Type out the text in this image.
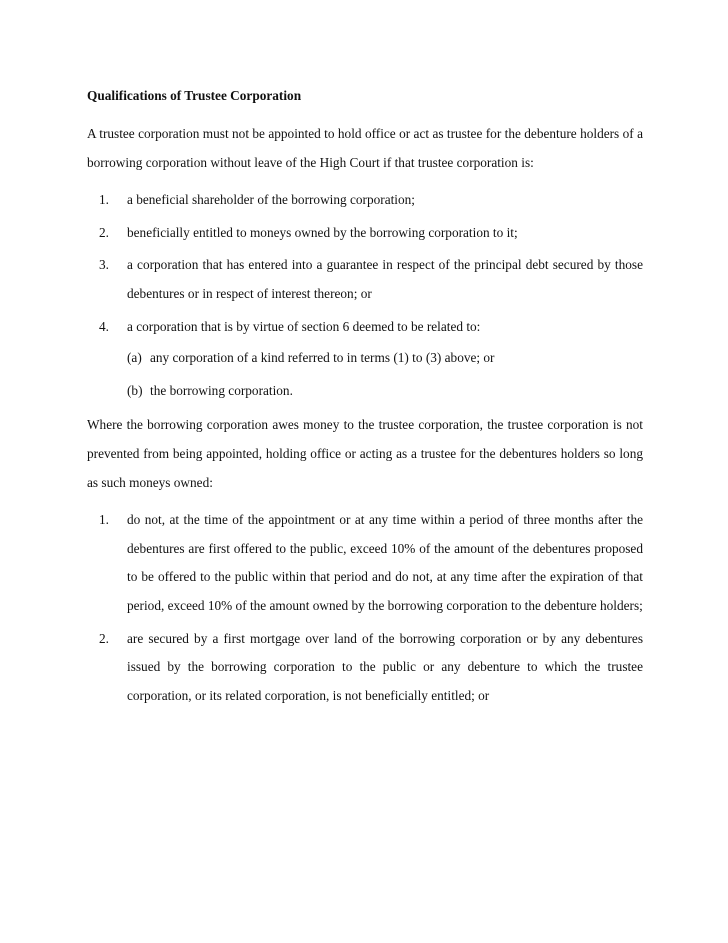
Qualifications of Trustee Corporation

A trustee corporation must not be appointed to hold office or act as trustee for the debenture holders of a borrowing corporation without leave of the High Court if that trustee corporation is:

1. a beneficial shareholder of the borrowing corporation;
2. beneficially entitled to moneys owned by the borrowing corporation to it;
3. a corporation that has entered into a guarantee in respect of the principal debt secured by those debentures or in respect of interest thereon; or
4. a corporation that is by virtue of section 6 deemed to be related to:
(a) any corporation of a kind referred to in terms (1) to (3) above; or
(b) the borrowing corporation.

Where the borrowing corporation awes money to the trustee corporation, the trustee corporation is not prevented from being appointed, holding office or acting as a trustee for the debentures holders so long as such moneys owned:

1. do not, at the time of the appointment or at any time within a period of three months after the debentures are first offered to the public, exceed 10% of the amount of the debentures proposed to be offered to the public within that period and do not, at any time after the expiration of that period, exceed 10% of the amount owned by the borrowing corporation to the debenture holders;
2. are secured by a first mortgage over land of the borrowing corporation or by any debentures issued by the borrowing corporation to the public or any debenture to which the trustee corporation, or its related corporation, is not beneficially entitled; or
